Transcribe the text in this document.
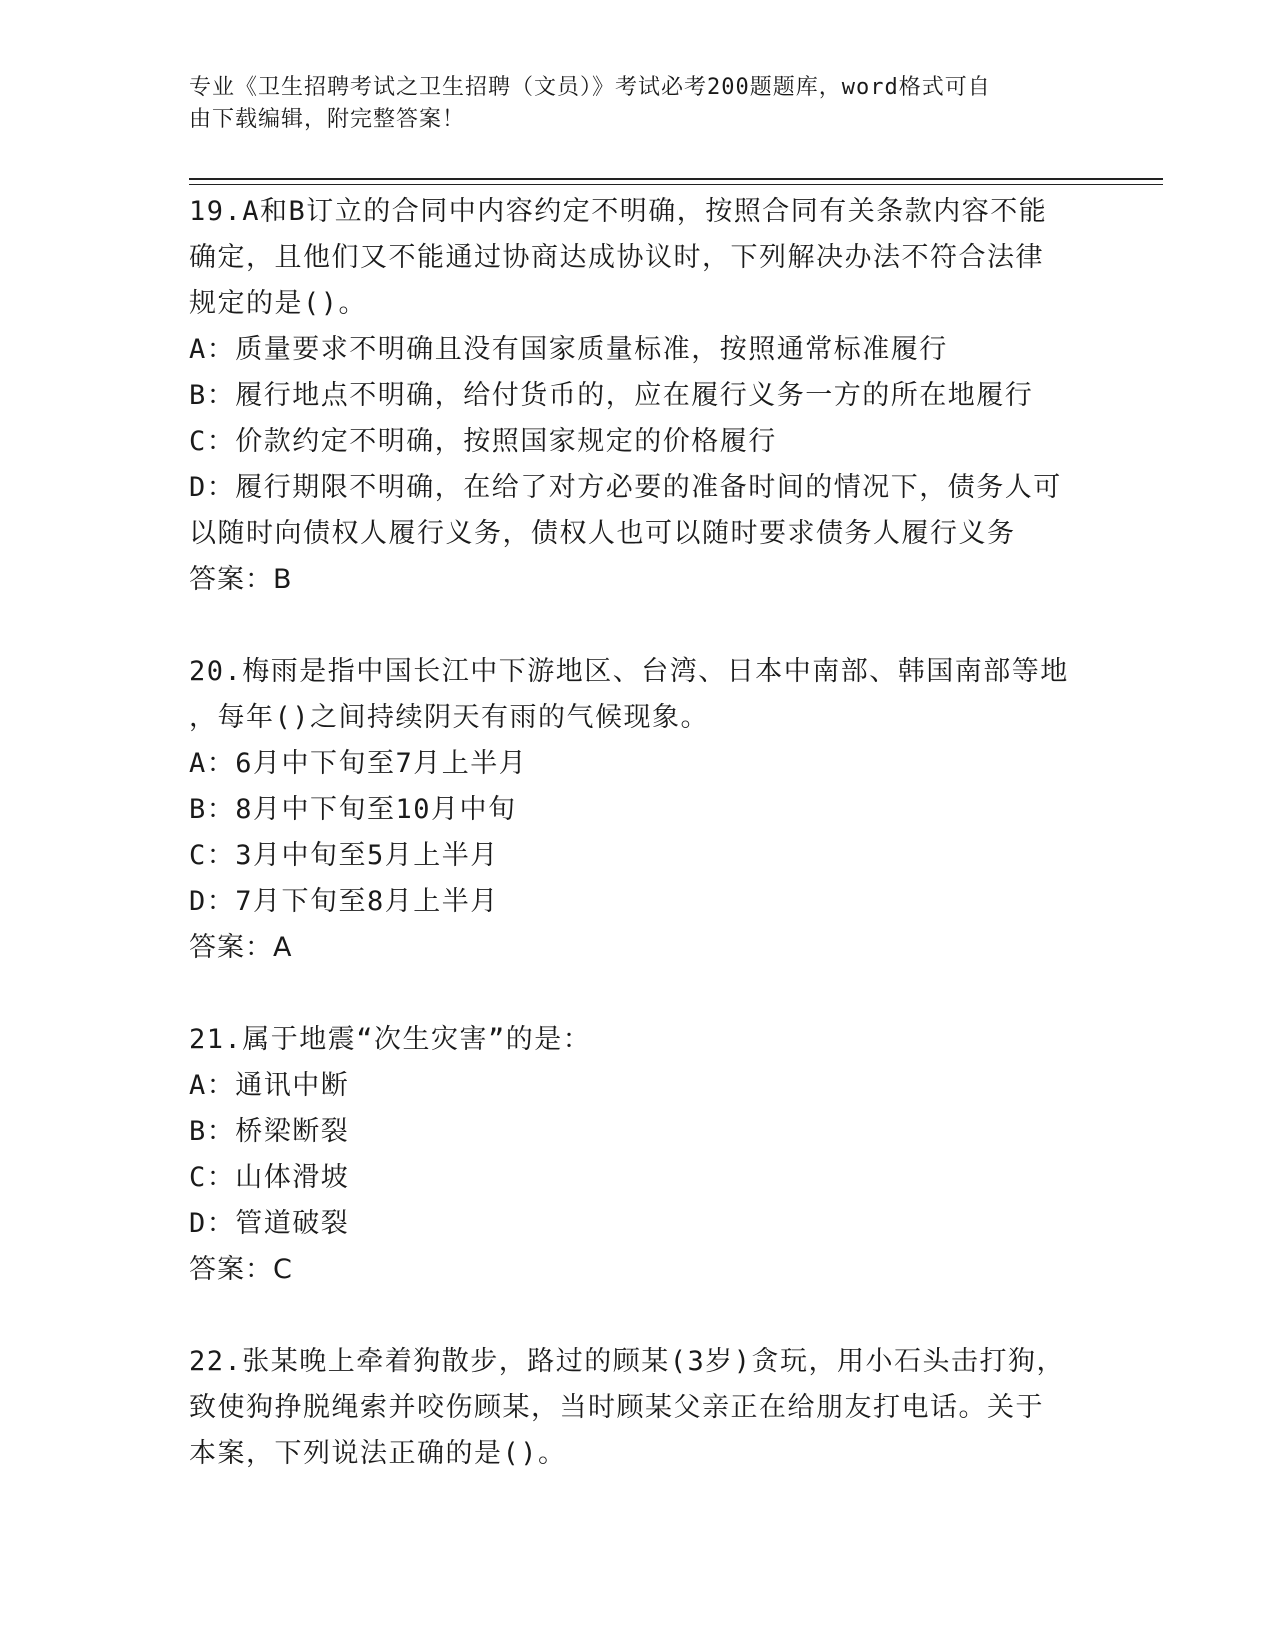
专业《卫生招聘考试之卫生招聘（文员）》考试必考200题题库，word格式可自
由下载编辑，附完整答案！
19.A和B订立的合同中内容约定不明确，按照合同有关条款内容不能
确定，且他们又不能通过协商达成协议时，下列解决办法不符合法律
规定的是()。
A：质量要求不明确且没有国家质量标准，按照通常标准履行
B：履行地点不明确，给付货币的，应在履行义务一方的所在地履行
C：价款约定不明确，按照国家规定的价格履行
D：履行期限不明确，在给了对方必要的准备时间的情况下，债务人可
以随时向债权人履行义务，债权人也可以随时要求债务人履行义务
答案：B
20.梅雨是指中国长江中下游地区、台湾、日本中南部、韩国南部等地
，每年()之间持续阴天有雨的气候现象。
A：6月中下旬至7月上半月
B：8月中下旬至10月中旬
C：3月中旬至5月上半月
D：7月下旬至8月上半月
答案：A
21.属于地震“次生灾害”的是：
A：通讯中断
B：桥梁断裂
C：山体滑坡
D：管道破裂
答案：C
22.张某晚上牵着狗散步，路过的顾某(3岁)贪玩，用小石头击打狗，
致使狗挣脱绳索并咬伤顾某，当时顾某父亲正在给朋友打电话。关于
本案，下列说法正确的是()。
